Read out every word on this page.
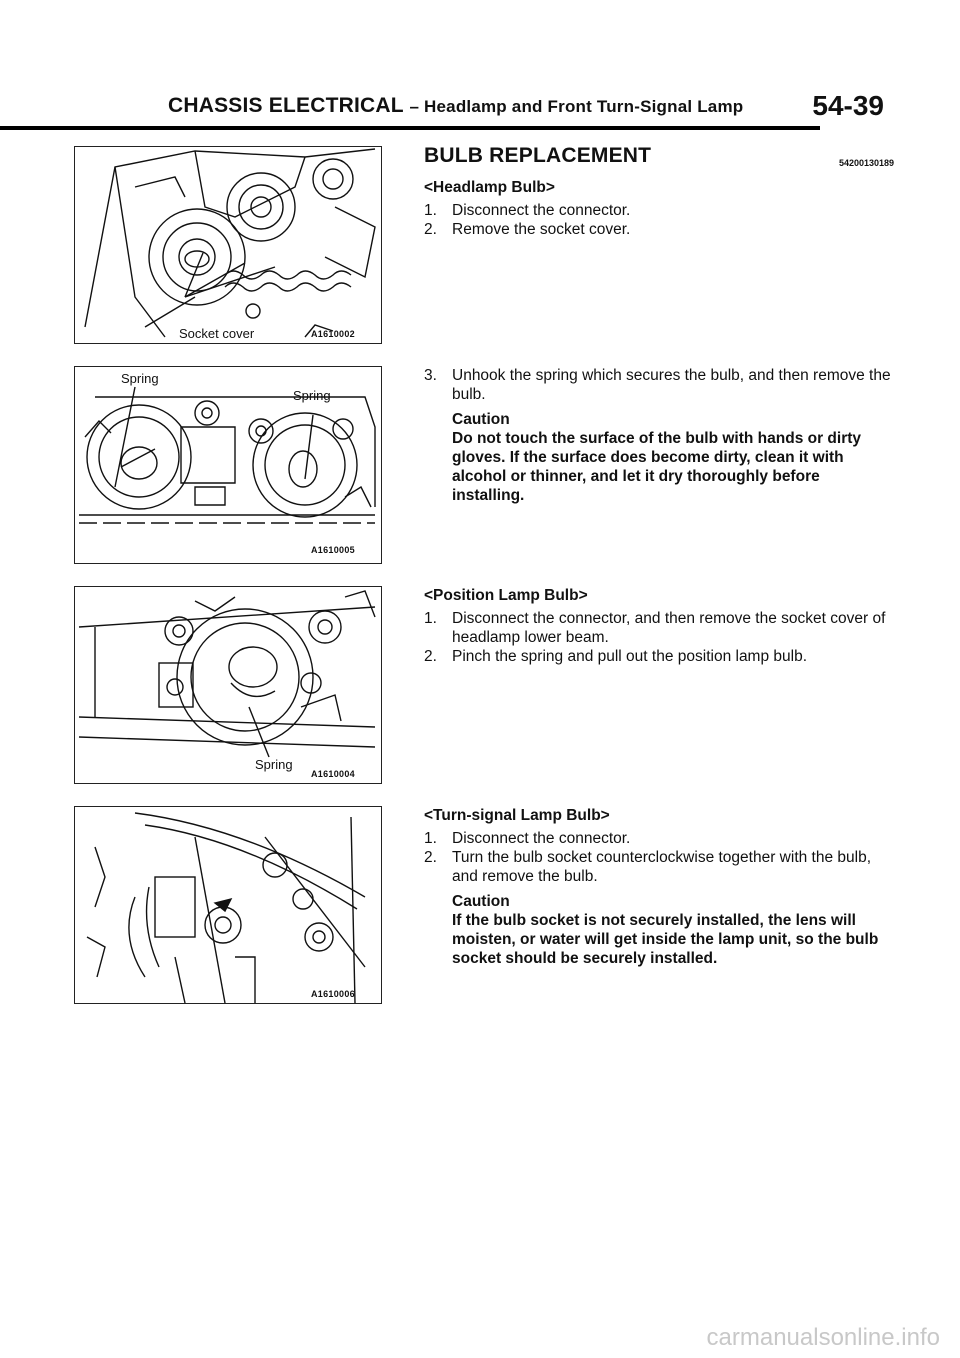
CHASSIS ELECTRICAL – Headlamp and Front Turn-Signal Lamp 54-39
Socket cover	A1610002
Spring
Spring
A1610005
Spring
A1610004
A1610006
BULB REPLACEMENT	54200130189
<Headlamp Bulb>
1. Disconnect the connector.
2. Remove the socket cover.
3. Unhook the spring which secures the bulb, and then remove the bulb.
Caution
Do not touch the surface of the bulb with hands or dirty gloves. If the surface does become dirty, clean it with alcohol or thinner, and let it dry thoroughly before installing.
<Position Lamp Bulb>
1. Disconnect the connector, and then remove the socket cover of headlamp lower beam.
2. Pinch the spring and pull out the position lamp bulb.
<Turn-signal Lamp Bulb>
1. Disconnect the connector.
2. Turn the bulb socket counterclockwise together with the bulb, and remove the bulb.
Caution
If the bulb socket is not securely installed, the lens will moisten, or water will get inside the lamp unit, so the bulb socket should be securely installed.
carmanualsonline.info
